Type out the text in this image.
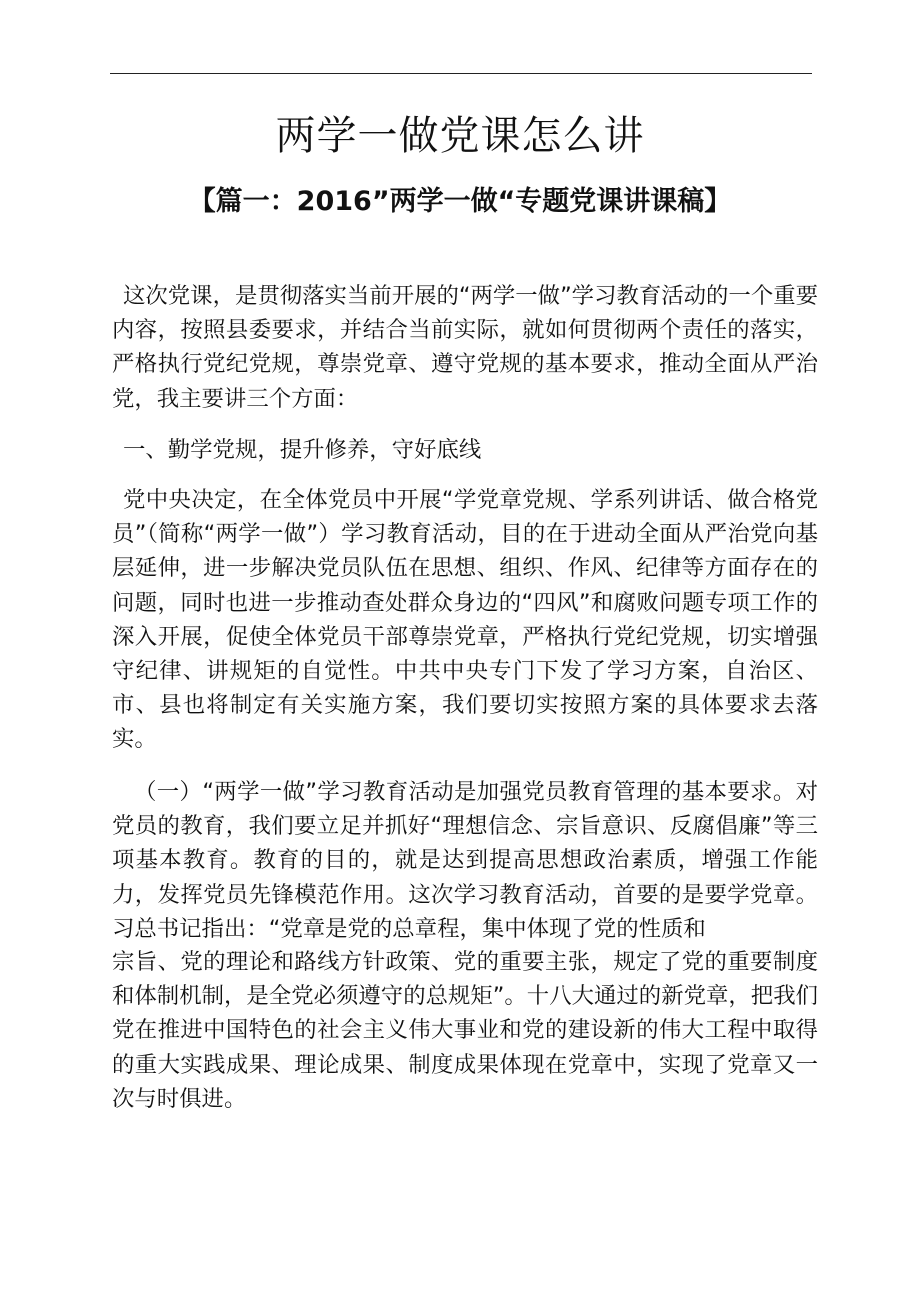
两学一做党课怎么讲
【篇一：2016”两学一做“专题党课讲课稿】

这次党课，是贯彻落实当前开展的“两学一做”学习教育活动的一个重要内容，按照县委要求，并结合当前实际，就如何贯彻两个责任的落实，严格执行党纪党规，尊崇党章、遵守党规的基本要求，推动全面从严治党，我主要讲三个方面：

一、勤学党规，提升修养，守好底线

党中央决定，在全体党员中开展“学党章党规、学系列讲话、做合格党员”（简称“两学一做”）学习教育活动，目的在于进动全面从严治党向基层延伸，进一步解决党员队伍在思想、组织、作风、纪律等方面存在的问题，同时也进一步推动查处群众身边的“四风”和腐败问题专项工作的深入开展，促使全体党员干部尊崇党章，严格执行党纪党规，切实增强守纪律、讲规矩的自觉性。中共中央专门下发了学习方案，自治区、市、县也将制定有关实施方案，我们要切实按照方案的具体要求去落实。

（一）“两学一做”学习教育活动是加强党员教育管理的基本要求。对党员的教育，我们要立足并抓好“理想信念、宗旨意识、反腐倡廉”等三项基本教育。教育的目的，就是达到提高思想政治素质，增强工作能力，发挥党员先锋模范作用。这次学习教育活动，首要的是要学党章。习总书记指出：“党章是党的总章程，集中体现了党的性质和

宗旨、党的理论和路线方针政策、党的重要主张，规定了党的重要制度和体制机制，是全党必须遵守的总规矩”。十八大通过的新党章，把我们党在推进中国特色的社会主义伟大事业和党的建设新的伟大工程中取得的重大实践成果、理论成果、制度成果体现在党章中，实现了党章又一次与时俱进。
